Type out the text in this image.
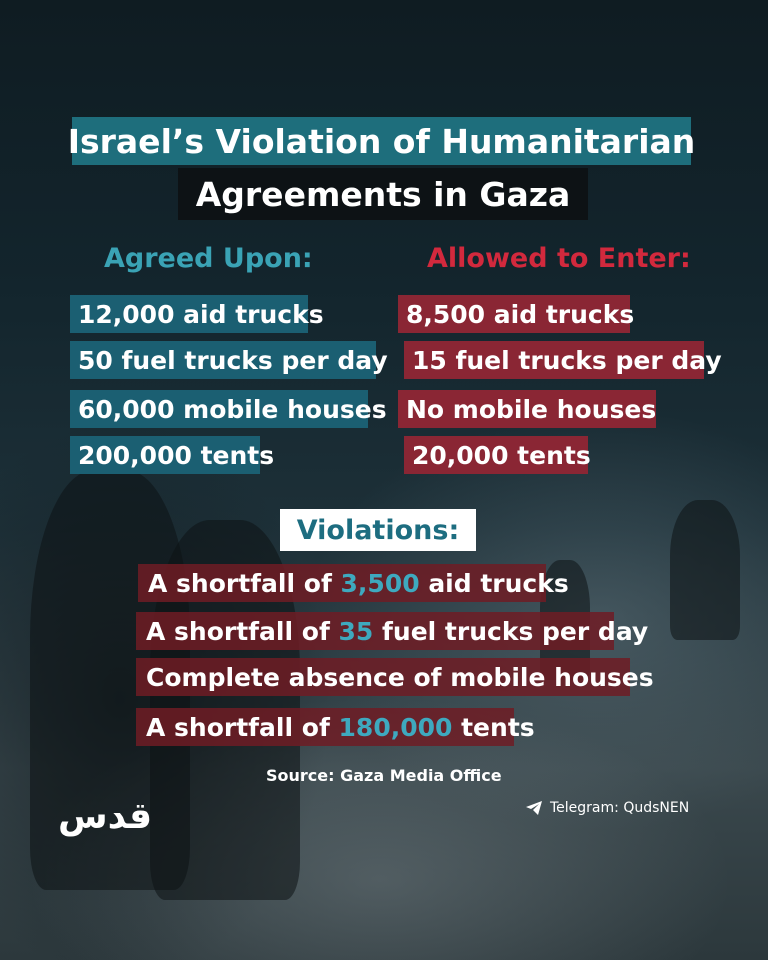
Israel’s Violation of Humanitarian
Agreements in Gaza
Agreed Upon:	Allowed to Enter:
12,000 aid trucks
50 fuel trucks per day
60,000 mobile houses
200,000 tents
8,500 aid trucks
15 fuel trucks per day
No mobile houses
20,000 tents
Violations:
A shortfall of 3,500 aid trucks
A shortfall of 35 fuel trucks per day
Complete absence of mobile houses
A shortfall of 180,000 tents
Source: Gaza Media Office
قدس	Telegram: QudsNEN
